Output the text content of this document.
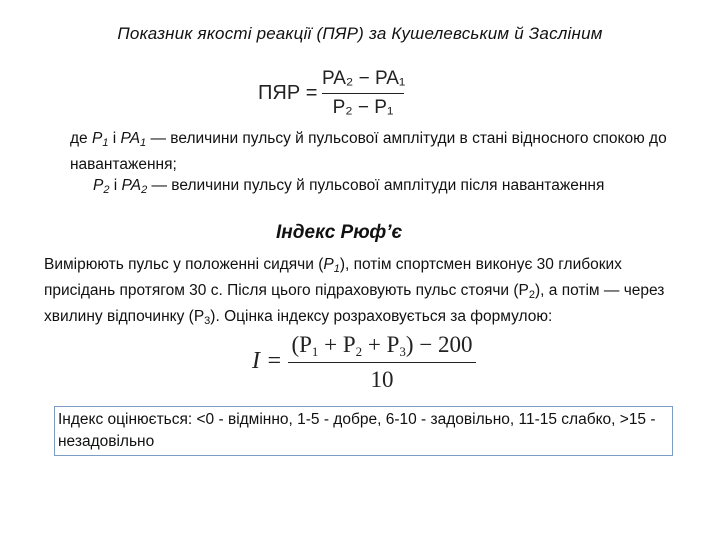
Показник якості реакції (ПЯР) за Кушелевським й Засліним
ПЯР =
PA₂ − PA₁
P₂ − P₁
де P1 і PA1 — величини пульсу й пульсової амплітуди в стані відносного спокою до навантаження;
P2 і PA2 — величини пульсу й пульсової амплітуди після навантаження
Індекс Рюф’є
Вимірюють пульс у положенні сидячи (P1), потім спортсмен виконує 30 глибоких присідань протягом 30 с. Після цього підраховують пульс стоячи $(P_2)$, а потім — через хвилину відпочинку $(P_3)$. Оцінка індексу розраховується за формулою:
I =
(P1 + P2 + P3) − 200
10
Індекс оцінюється: <0 - відмінно, 1-5 - добре, 6-10 - задовільно, 11-15 слабко, >15 - незадовільно
